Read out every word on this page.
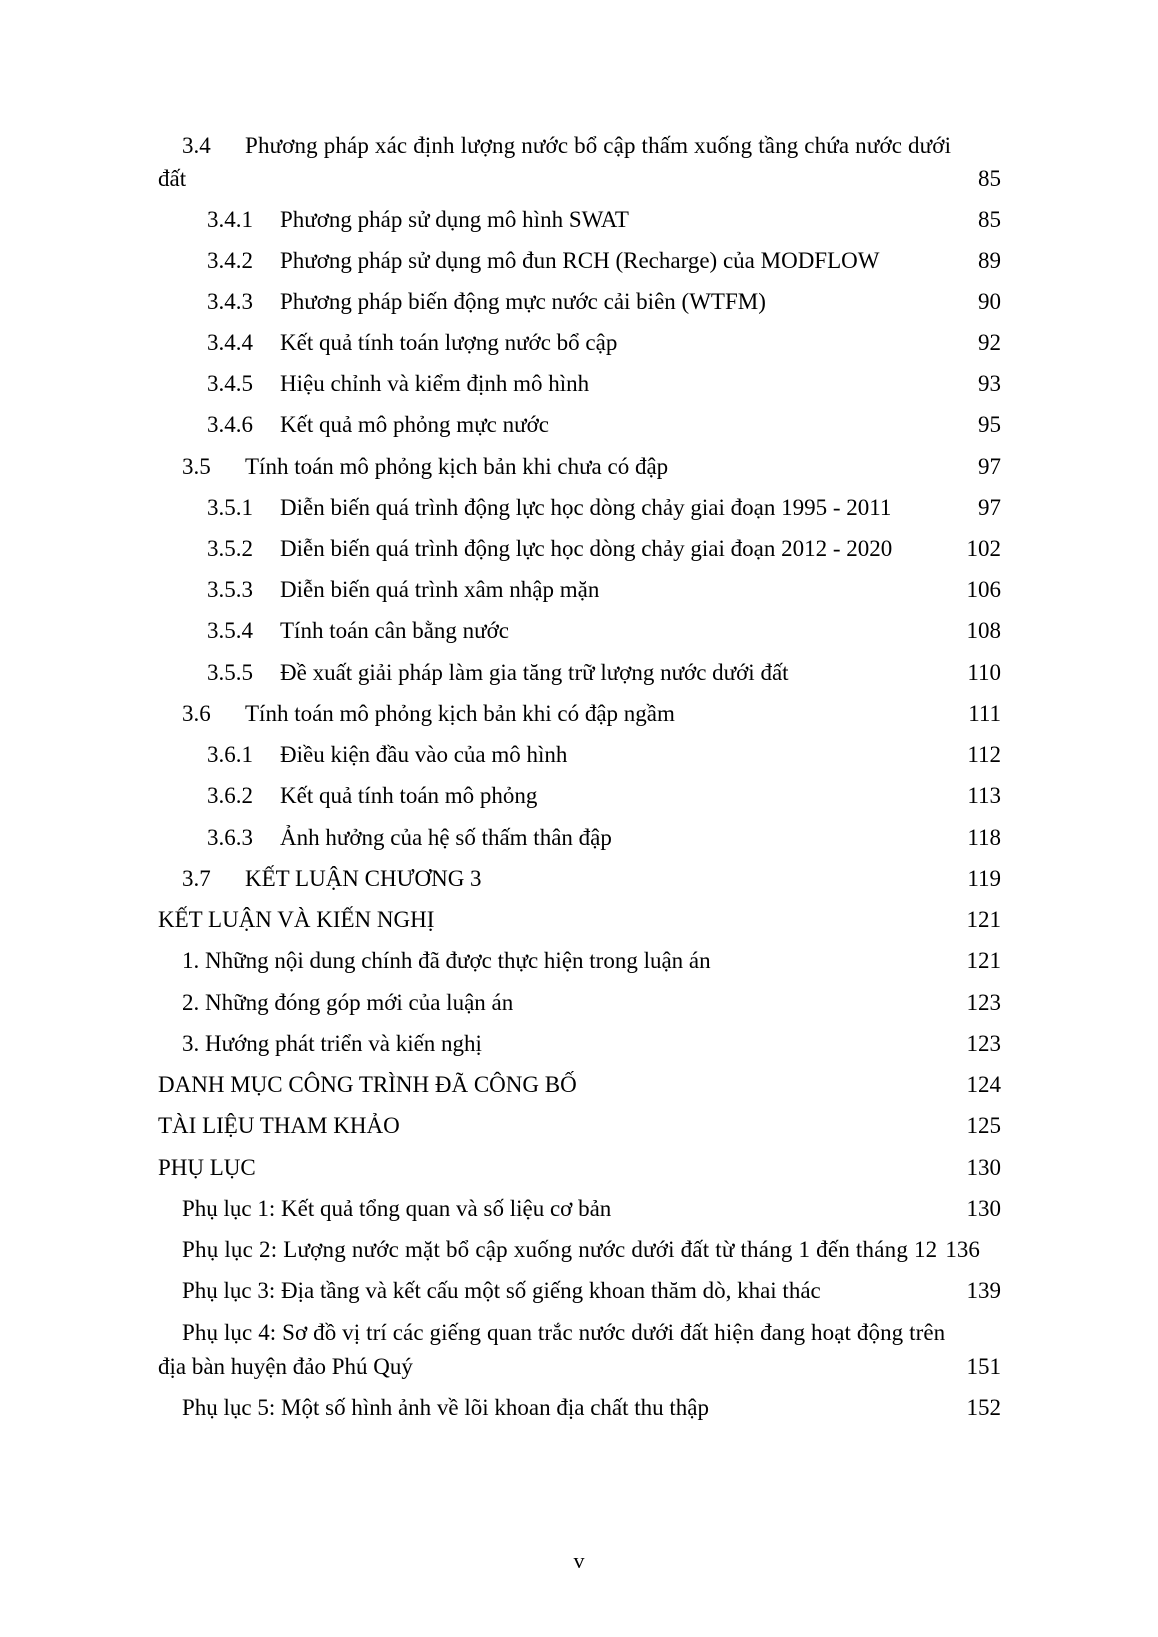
3.4 Phương pháp xác định lượng nước bổ cập thấm xuống tầng chứa nước dưới
đất	85
3.4.1	Phương pháp sử dụng mô hình SWAT	85
3.4.2	Phương pháp sử dụng mô đun RCH (Recharge) của MODFLOW	89
3.4.3	Phương pháp biến động mực nước cải biên (WTFM)	90
3.4.4	Kết quả tính toán lượng nước bổ cập	92
3.4.5	Hiệu chỉnh và kiểm định mô hình	93
3.4.6	Kết quả mô phỏng mực nước	95
3.5	Tính toán mô phỏng kịch bản khi chưa có đập	97
3.5.1	Diễn biến quá trình động lực học dòng chảy giai đoạn 1995 - 2011	97
3.5.2	Diễn biến quá trình động lực học dòng chảy giai đoạn 2012 - 2020	102
3.5.3	Diễn biến quá trình xâm nhập mặn	106
3.5.4	Tính toán cân bằng nước	108
3.5.5	Đề xuất giải pháp làm gia tăng trữ lượng nước dưới đất	110
3.6	Tính toán mô phỏng kịch bản khi có đập ngầm	111
3.6.1	Điều kiện đầu vào của mô hình	112
3.6.2	Kết quả tính toán mô phỏng	113
3.6.3	Ảnh hưởng của hệ số thấm thân đập	118
3.7	KẾT LUẬN CHƯƠNG 3	119
KẾT LUẬN VÀ KIẾN NGHỊ	121
1. Những nội dung chính đã được thực hiện trong luận án	121
2. Những đóng góp mới của luận án	123
3. Hướng phát triển và kiến nghị	123
DANH MỤC CÔNG TRÌNH ĐÃ CÔNG BỐ	124
TÀI LIỆU THAM KHẢO	125
PHỤ LỤC	130
Phụ lục 1: Kết quả tổng quan và số liệu cơ bản	130
Phụ lục 2: Lượng nước mặt bổ cập xuống nước dưới đất từ tháng 1 đến tháng 12 136
Phụ lục 3: Địa tầng và kết cấu một số giếng khoan thăm dò, khai thác	139
Phụ lục 4: Sơ đồ vị trí các giếng quan trắc nước dưới đất hiện đang hoạt động trên
địa bàn huyện đảo Phú Quý	151
Phụ lục 5: Một số hình ảnh về lõi khoan địa chất thu thập	152
v
